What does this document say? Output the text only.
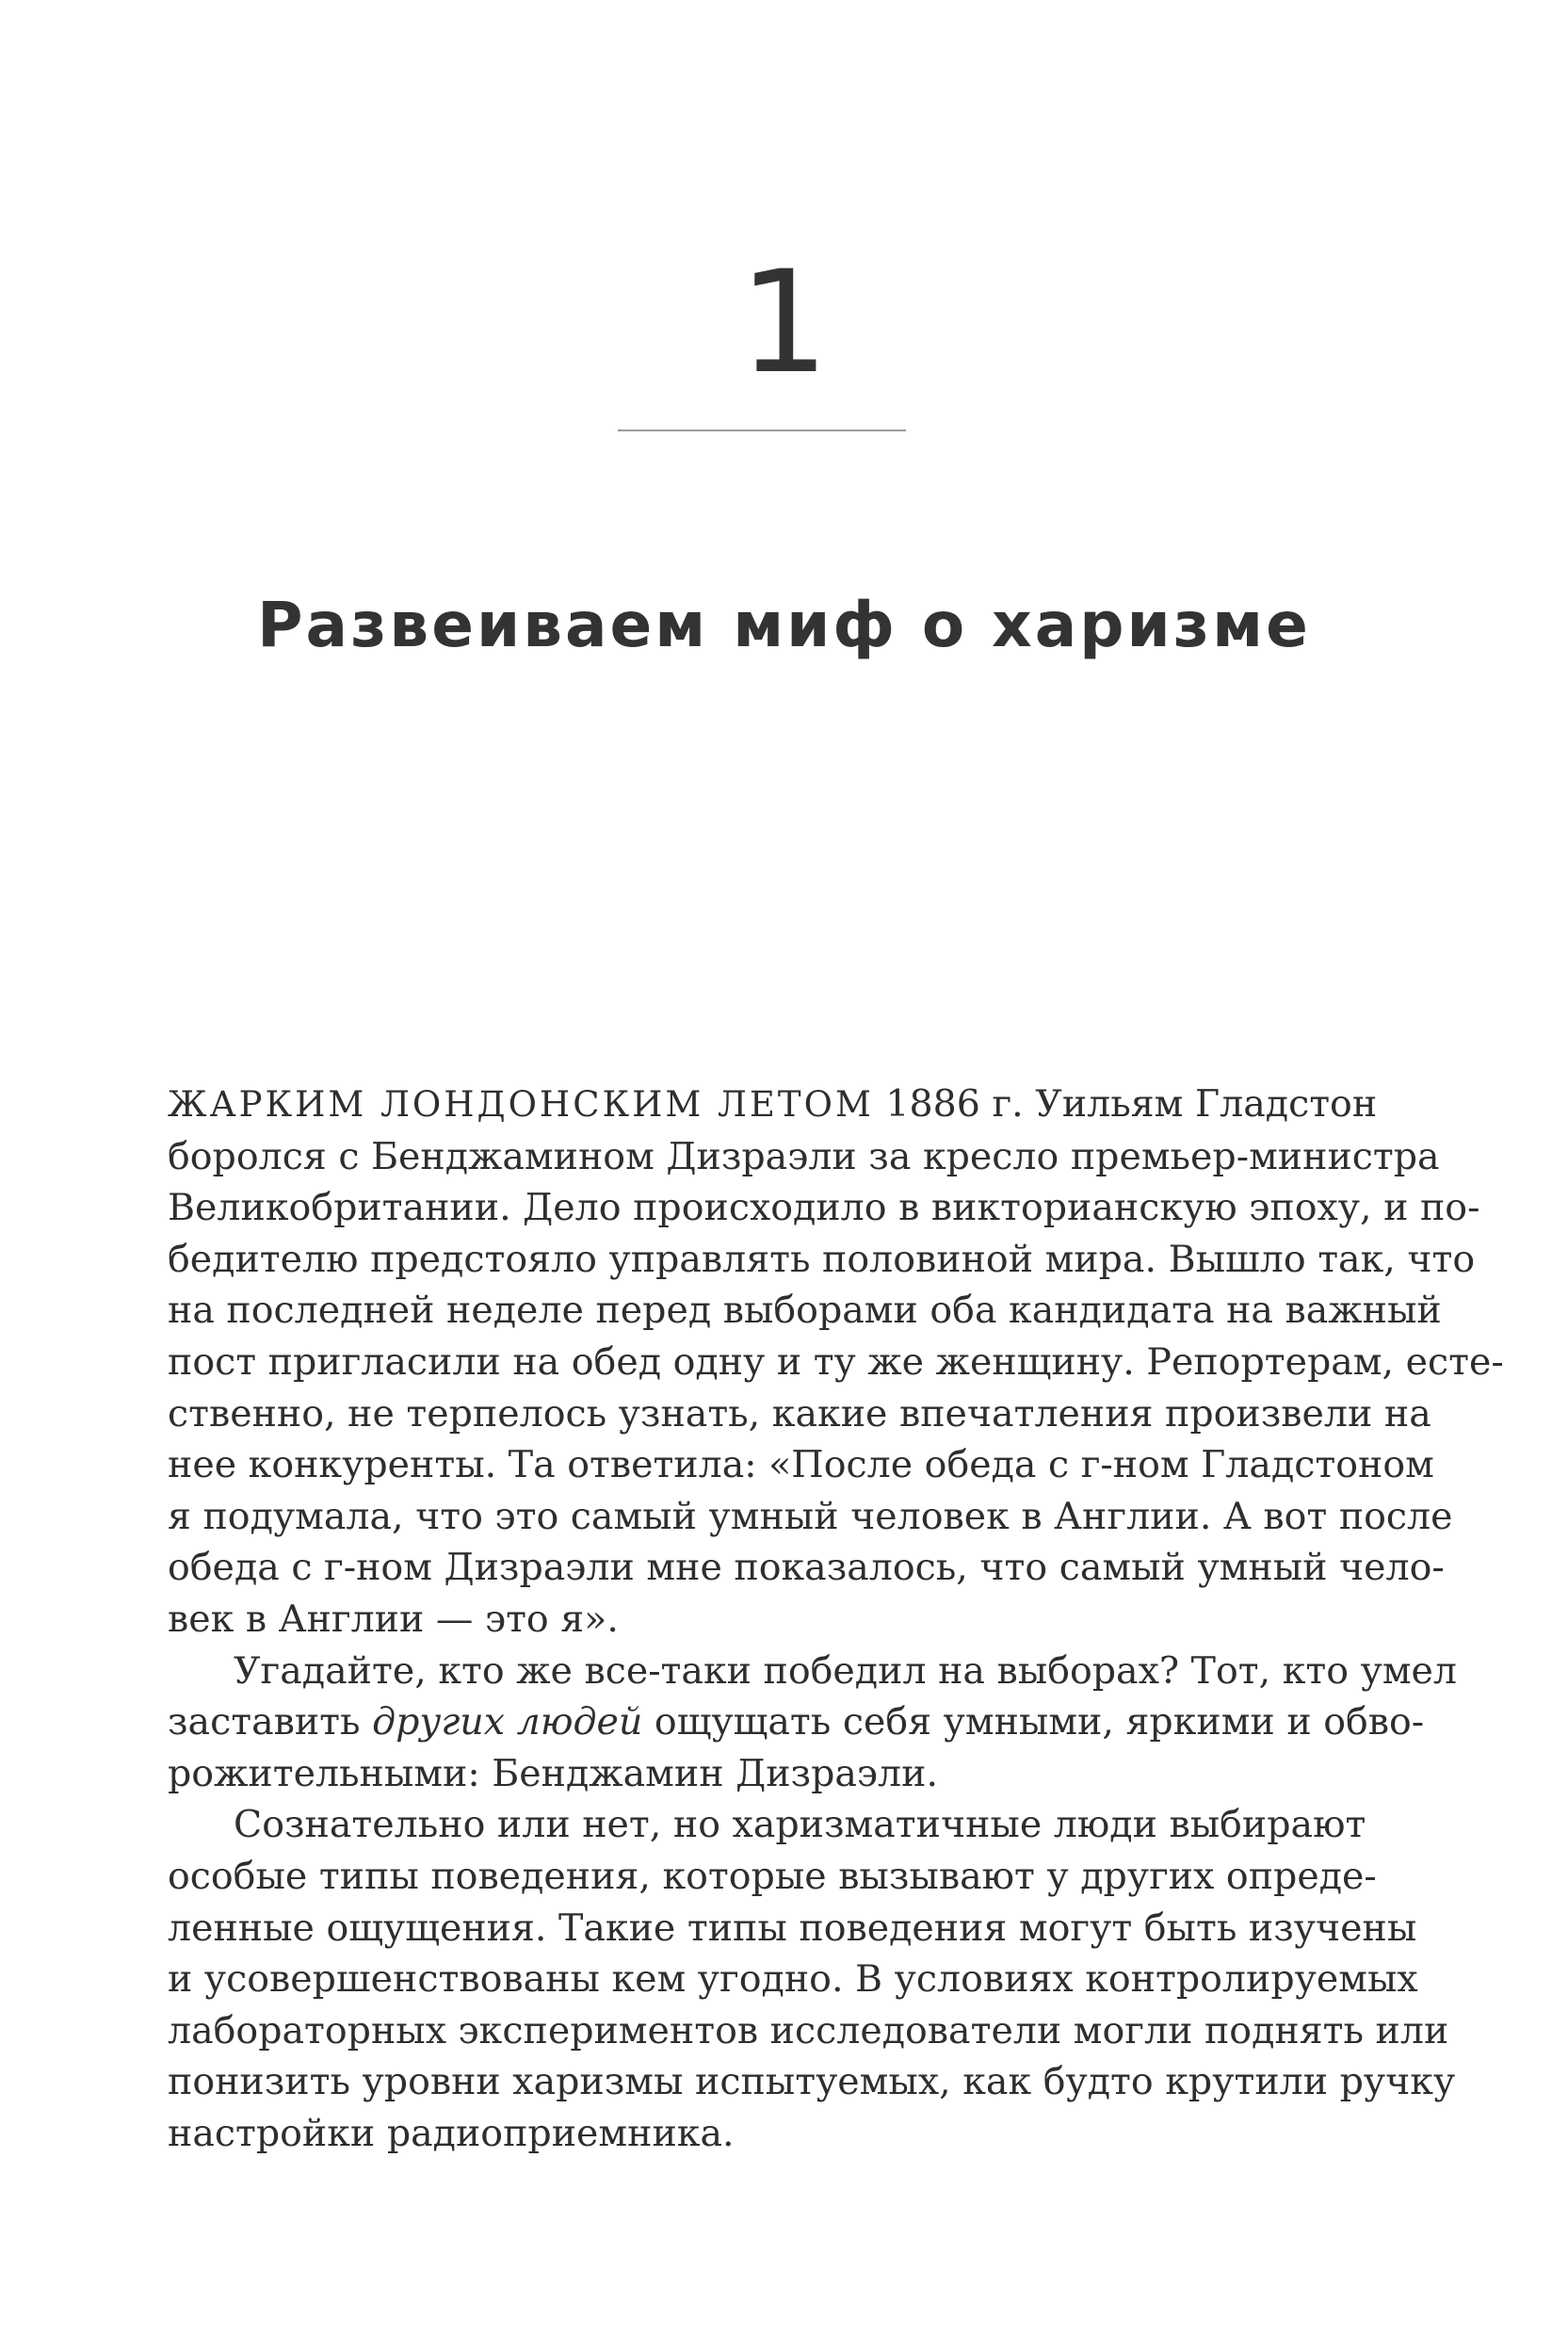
1
Развеиваем миф о харизме

ЖАРКИМ ЛОНДОНСКИМ ЛЕТОМ 1886 г. Уильям Гладстон
боролся с Бенджамином Дизраэли за кресло премьер-министра
Великобритании. Дело происходило в викторианскую эпоху, и по-
бедителю предстояло управлять половиной мира. Вышло так, что
на последней неделе перед выборами оба кандидата на важный
пост пригласили на обед одну и ту же женщину. Репортерам, есте-
ственно, не терпелось узнать, какие впечатления произвели на
нее конкуренты. Та ответила: «После обеда с г-ном Гладстоном
я подумала, что это самый умный человек в Англии. А вот после
обеда с г-ном Дизраэли мне показалось, что самый умный чело-
век в Англии — это я».

Угадайте, кто же все-таки победил на выборах? Тот, кто умел
заставить других людей ощущать себя умными, яркими и обво-
рожительными: Бенджамин Дизраэли.

Сознательно или нет, но харизматичные люди выбирают
особые типы поведения, которые вызывают у других опреде-
ленные ощущения. Такие типы поведения могут быть изучены
и усовершенствованы кем угодно. В условиях контролируемых
лабораторных экспериментов исследователи могли поднять или
понизить уровни харизмы испытуемых, как будто крутили ручку
настройки радиоприемника.
